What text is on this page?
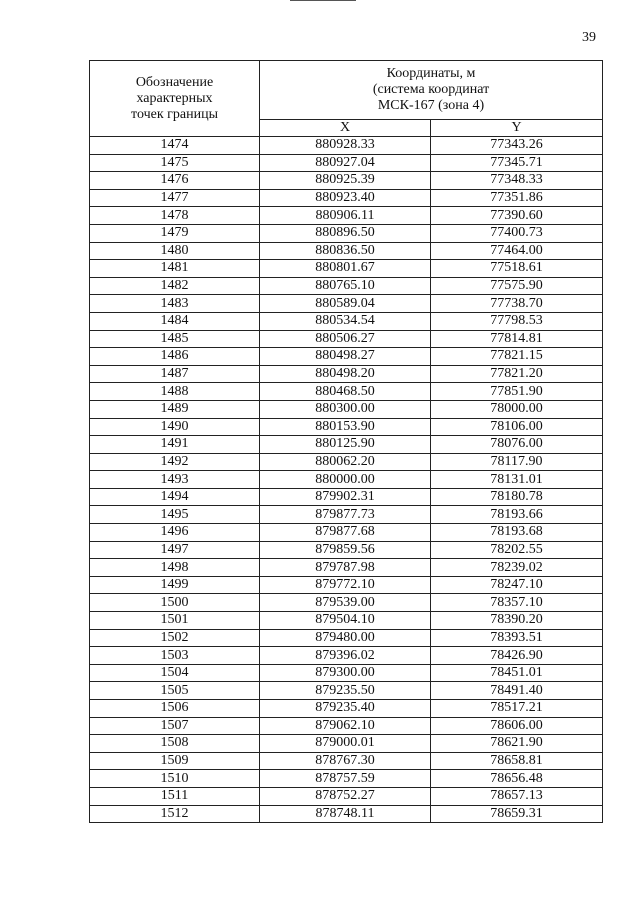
39
Обозначение
характерных
точек границы	Координаты, м
(система координат
МСК-167 (зона 4)	

	X	Y
1474	880928.33	77343.26
1475	880927.04	77345.71
1476	880925.39	77348.33
1477	880923.40	77351.86
1478	880906.11	77390.60
1479	880896.50	77400.73
1480	880836.50	77464.00
1481	880801.67	77518.61
1482	880765.10	77575.90
1483	880589.04	77738.70
1484	880534.54	77798.53
1485	880506.27	77814.81
1486	880498.27	77821.15
1487	880498.20	77821.20
1488	880468.50	77851.90
1489	880300.00	78000.00
1490	880153.90	78106.00
1491	880125.90	78076.00
1492	880062.20	78117.90
1493	880000.00	78131.01
1494	879902.31	78180.78
1495	879877.73	78193.66
1496	879877.68	78193.68
1497	879859.56	78202.55
1498	879787.98	78239.02
1499	879772.10	78247.10
1500	879539.00	78357.10
1501	879504.10	78390.20
1502	879480.00	78393.51
1503	879396.02	78426.90
1504	879300.00	78451.01
1505	879235.50	78491.40
1506	879235.40	78517.21
1507	879062.10	78606.00
1508	879000.01	78621.90
1509	878767.30	78658.81
1510	878757.59	78656.48
1511	878752.27	78657.13
1512	878748.11	78659.31
